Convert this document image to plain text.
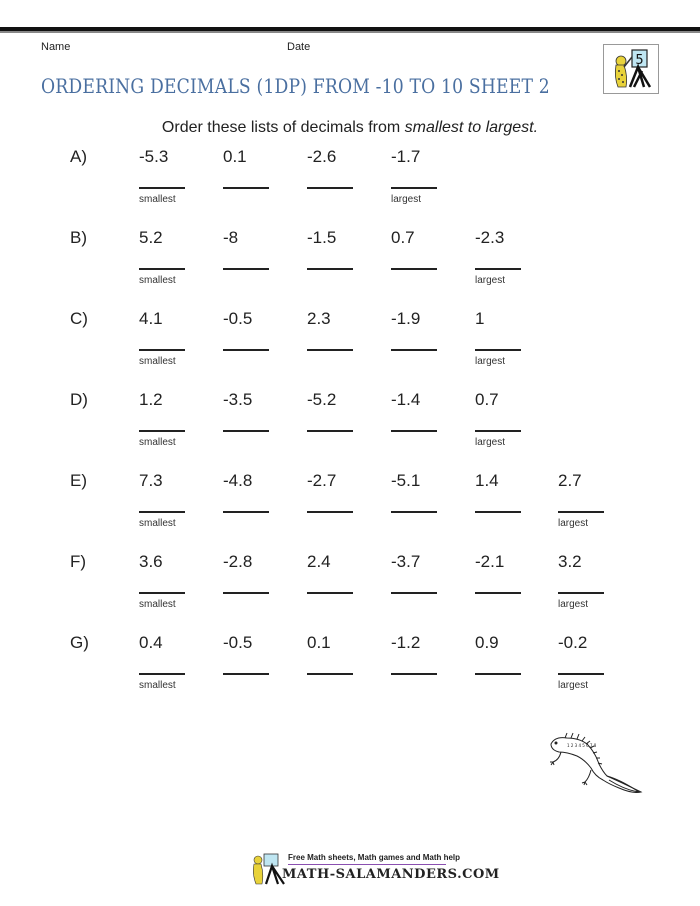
Name	Date
ORDERING DECIMALS (1DP) FROM -10 TO 10 SHEET 2
5
Order these lists of decimals from smallest to largest.
A)	-5.3	0.1	-2.6	-1.7
smallest	largest
B)	5.2	-8	-1.5	0.7	-2.3
smallest	largest
C)	4.1	-0.5	2.3	-1.9	1
smallest	largest
D)	1.2	-3.5	-5.2	-1.4	0.7
smallest	largest
E)	7.3	-4.8	-2.7	-5.1	1.4	2.7
smallest	largest
F)	3.6	-2.8	2.4	-3.7	-2.1	3.2
smallest	largest
G)	0.4	-0.5	0.1	-1.2	0.9	-0.2
smallest	largest
1 2 3 4 5 6 7 8
Free Math sheets, Math games and Math help
MATH-SALAMANDERS.COM
